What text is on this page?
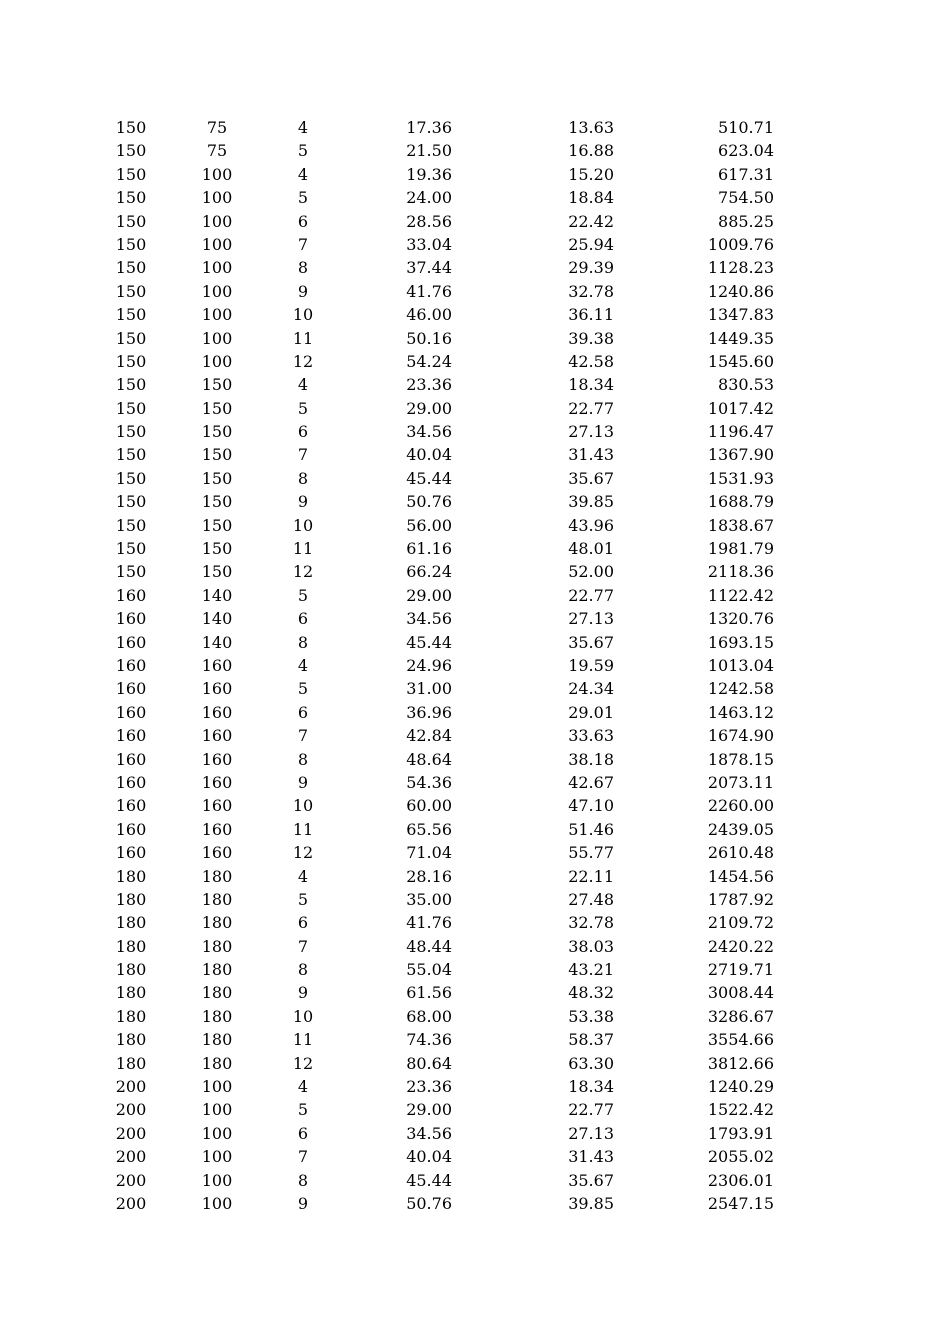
150	75	4	17.36	13.63	510.71
150	75	5	21.50	16.88	623.04
150	100	4	19.36	15.20	617.31
150	100	5	24.00	18.84	754.50
150	100	6	28.56	22.42	885.25
150	100	7	33.04	25.94	1009.76
150	100	8	37.44	29.39	1128.23
150	100	9	41.76	32.78	1240.86
150	100	10	46.00	36.11	1347.83
150	100	11	50.16	39.38	1449.35
150	100	12	54.24	42.58	1545.60
150	150	4	23.36	18.34	830.53
150	150	5	29.00	22.77	1017.42
150	150	6	34.56	27.13	1196.47
150	150	7	40.04	31.43	1367.90
150	150	8	45.44	35.67	1531.93
150	150	9	50.76	39.85	1688.79
150	150	10	56.00	43.96	1838.67
150	150	11	61.16	48.01	1981.79
150	150	12	66.24	52.00	2118.36
160	140	5	29.00	22.77	1122.42
160	140	6	34.56	27.13	1320.76
160	140	8	45.44	35.67	1693.15
160	160	4	24.96	19.59	1013.04
160	160	5	31.00	24.34	1242.58
160	160	6	36.96	29.01	1463.12
160	160	7	42.84	33.63	1674.90
160	160	8	48.64	38.18	1878.15
160	160	9	54.36	42.67	2073.11
160	160	10	60.00	47.10	2260.00
160	160	11	65.56	51.46	2439.05
160	160	12	71.04	55.77	2610.48
180	180	4	28.16	22.11	1454.56
180	180	5	35.00	27.48	1787.92
180	180	6	41.76	32.78	2109.72
180	180	7	48.44	38.03	2420.22
180	180	8	55.04	43.21	2719.71
180	180	9	61.56	48.32	3008.44
180	180	10	68.00	53.38	3286.67
180	180	11	74.36	58.37	3554.66
180	180	12	80.64	63.30	3812.66
200	100	4	23.36	18.34	1240.29
200	100	5	29.00	22.77	1522.42
200	100	6	34.56	27.13	1793.91
200	100	7	40.04	31.43	2055.02
200	100	8	45.44	35.67	2306.01
200	100	9	50.76	39.85	2547.15
